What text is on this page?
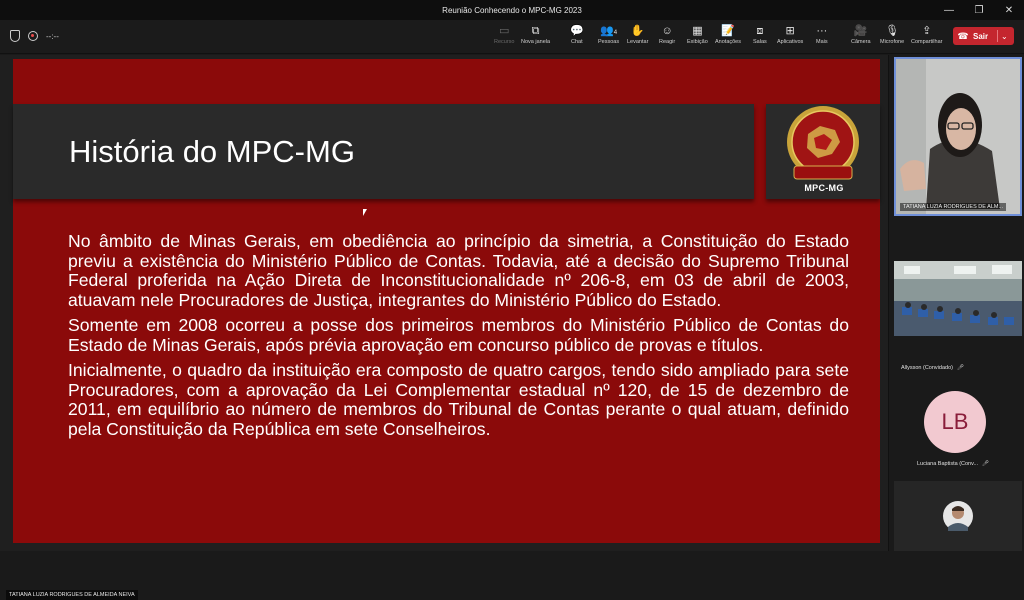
Reunião Conhecendo o MPC-MG 2023	—	❐	✕
--:--	▭
Recurso
⧉
Nova janela
💬
Chat
👥4
Pessoas
✋
Levantar
☺
Reagir
▦
Exibição
📝
Anotações
⧈
Salas
⊞
Aplicativos
···
Mais
🎥
Câmera
🎙
Microfone
⇪
Compartilhar
☎ Sair	⌄
História do MPC-MG
MPC-MG

No âmbito de Minas Gerais, em obediência ao princípio da simetria, a Constituição do Estado previu a existência do Ministério Público de Contas. Todavia, até a decisão do Supremo Tribunal Federal proferida na Ação Direta de Inconstitucionalidade nº 206-8, em 03 de abril de 2003, atuavam nele Procuradores de Justiça, integrantes do Ministério Público do Estado.

Somente em 2008 ocorreu a posse dos primeiros membros do Ministério Público de Contas do Estado de Minas Gerais, após prévia aprovação em concurso público de provas e títulos.

Inicialmente, o quadro da instituição era composto de quatro cargos, tendo sido ampliado para sete Procuradores, com a aprovação da Lei Complementar estadual nº 120, de 15 de dezembro de 2011, em equilíbrio ao número de membros do Tribunal de Contas perante o qual atuam, definido pela Constituição da República em sete Conselheiros.

TATIANA LUZIA RODRIGUES DE ALMEIDA NEIVA
TATIANA LUZIA RODRIGUES DE ALM...
Allysson (Convidado) 🎤︎
LB
Luciana Baptista (Conv... 🎤︎
